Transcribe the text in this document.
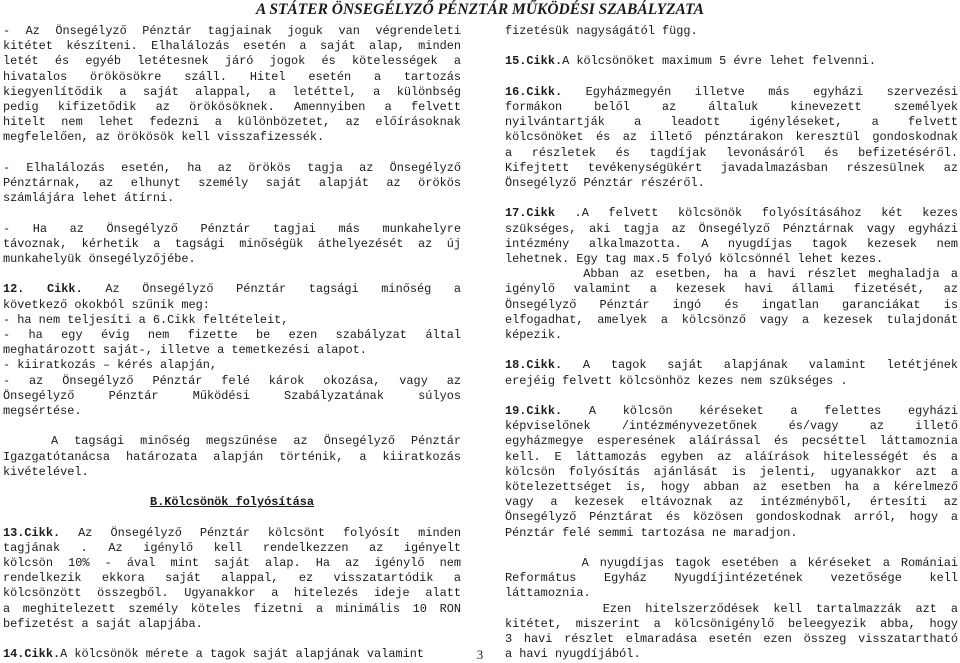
A STÁTER ÖNSEGÉLYZŐ PÉNZTÁR MŰKÖDÉSI SZABÁLYZATA

- Az Önsegélyző Pénztár tagjainak joguk van végrendeleti

kitétet készíteni. Elhalálozás esetén a saját alap, minden

letét és egyéb letétesnek járó jogok és kötelességek a

hivatalos örökösökre száll. Hitel esetén a tartozás

kiegyenlítődik a saját alappal, a letéttel, a különbség

pedig kifizetődik az örökösöknek. Amennyiben a felvett

hitelt nem lehet fedezni a különbözetet, az előírásoknak

megfelelően, az örökösök kell visszafizessék.

- Elhalálozás esetén, ha az örökös tagja az Önsegélyző

Pénztárnak, az elhunyt személy saját alapját az örökös

számlájára lehet átírni.

- Ha az Önsegélyző Pénztár tagjai más munkahelyre

távoznak, kérhetik a tagsági minőségük áthelyezését az új

munkahelyük önsegélyzőjébe.

12. Cikk. Az Önsegélyző Pénztár tagsági minőség a

következő okokból szűnik meg:

- ha nem teljesíti a 6.Cikk feltételeit,

- ha egy évig nem fizette be ezen szabályzat által

meghatározott saját-, illetve a temetkezési alapot.

- kiiratkozás – kérés alapján,

- az Önsegélyző Pénztár felé károk okozása, vagy az

Önsegélyző Pénztár Működési Szabályzatának súlyos

megsértése.

A tagsági minőség megszűnése az Önsegélyző Pénztár

Igazgatótanácsa határozata alapján történik, a kiiratkozás

kivételével.

B.Kölcsönök folyósítása

13.Cikk. Az Önsegélyző Pénztár kölcsönt folyósít minden

tagjának . Az igénylő kell rendelkezzen az igényelt

kölcsön 10% - ával mint saját alap. Ha az igénylő nem

rendelkezik ekkora saját alappal, ez visszatartódik a

kölcsönzött összegből. Ugyanakkor a hitelezés ideje alatt

a meghitelezett személy köteles fizetni a minimális 10 RON

befizetést a saját alapjába.

14.Cikk.A kölcsönök mérete a tagok saját alapjának valamint

fizetésük nagyságától függ.

15.Cikk.A kölcsönöket maximum 5 évre lehet felvenni.

16.Cikk. Egyházmegyén illetve más egyházi szervezési

formákon belől az általuk kinevezett személyek

nyilvántartják a leadott igényléseket, a felvett

kölcsönöket és az illető pénztárakon keresztül gondoskodnak

a részletek és tagdíjak levonásáról és befizetéséről.

Kifejtett tevékenységükért javadalmazásban részesülnek az

Önsegélyző Pénztár részéről.

17.Cikk .A felvett kölcsönök folyósításához két kezes

szükséges, aki tagja az Önsegélyző Pénztárnak vagy egyházi

intézmény alkalmazotta. A nyugdíjas tagok kezesek nem

lehetnek. Egy tag max.5 folyó kölcsönnél lehet kezes.

Abban az esetben, ha a havi részlet meghaladja a

igénylő valamint a kezesek havi állami fizetését, az

Önsegélyző Pénztár ingó és ingatlan garanciákat is

elfogadhat, amelyek a kölcsönző vagy a kezesek tulajdonát

képezik.

18.Cikk. A tagok saját alapjának valamint letétjének

erejéig felvett kölcsönhöz kezes nem szükséges .

19.Cikk. A kölcsön kéréseket a felettes egyházi

képviselőnek /intézményvezetőnek és/vagy az illető

egyházmegye esperesének aláírással és pecséttel láttamoznia

kell. E láttamozás egyben az aláírások hitelességét és a

kölcsön folyósítás ajánlását is jelenti, ugyanakkor azt a

kötelezettséget is, hogy abban az esetben ha a kérelmező

vagy a kezesek eltávoznak az intézményből, értesíti az

Önsegélyző Pénztárat és közösen gondoskodnak arról, hogy a

Pénztár felé semmi tartozása ne maradjon.

A nyugdíjas tagok esetében a kéréseket a Romániai

Református Egyház Nyugdíjintézetének vezetősége kell

láttamoznia.

Ezen hitelszerződések kell tartalmazzák azt a

kitétet, miszerint a kölcsönigénylő beleegyezik abba, hogy

3 havi részlet elmaradása esetén ezen összeg visszatartható

a havi nyugdíjából.

3
